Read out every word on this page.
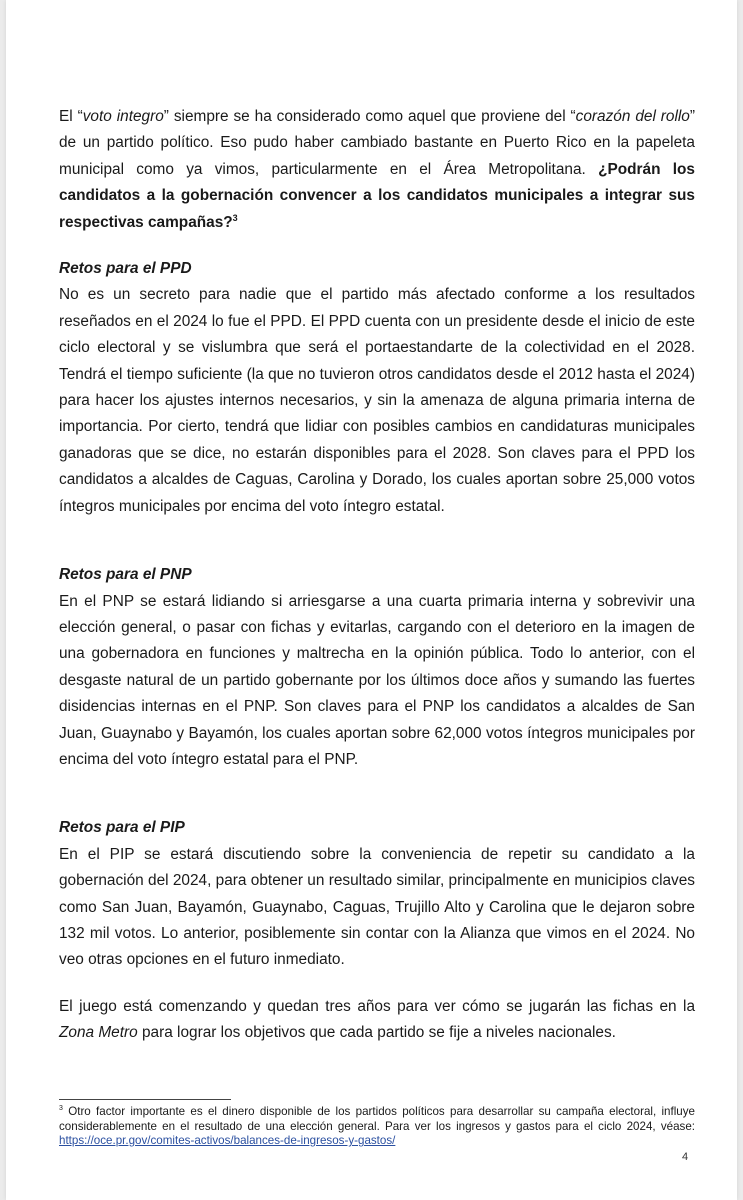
El “voto integro” siempre se ha considerado como aquel que proviene del “corazón del rollo” de un partido político. Eso pudo haber cambiado bastante en Puerto Rico en la papeleta municipal como ya vimos, particularmente en el Área Metropolitana. ¿Podrán los candidatos a la gobernación convencer a los candidatos municipales a integrar sus respectivas campañas?$^3$

Retos para el PPD

No es un secreto para nadie que el partido más afectado conforme a los resultados reseñados en el 2024 lo fue el PPD. El PPD cuenta con un presidente desde el inicio de este ciclo electoral y se vislumbra que será el portaestandarte de la colectividad en el 2028. Tendrá el tiempo suficiente (la que no tuvieron otros candidatos desde el 2012 hasta el 2024) para hacer los ajustes internos necesarios, y sin la amenaza de alguna primaria interna de importancia. Por cierto, tendrá que lidiar con posibles cambios en candidaturas municipales ganadoras que se dice, no estarán disponibles para el 2028. Son claves para el PPD los candidatos a alcaldes de Caguas, Carolina y Dorado, los cuales aportan sobre 25,000 votos íntegros municipales por encima del voto íntegro estatal.

Retos para el PNP

En el PNP se estará lidiando si arriesgarse a una cuarta primaria interna y sobrevivir una elección general, o pasar con fichas y evitarlas, cargando con el deterioro en la imagen de una gobernadora en funciones y maltrecha en la opinión pública. Todo lo anterior, con el desgaste natural de un partido gobernante por los últimos doce años y sumando las fuertes disidencias internas en el PNP. Son claves para el PNP los candidatos a alcaldes de San Juan, Guaynabo y Bayamón, los cuales aportan sobre 62,000 votos íntegros municipales por encima del voto íntegro estatal para el PNP.

Retos para el PIP

En el PIP se estará discutiendo sobre la conveniencia de repetir su candidato a la gobernación del 2024, para obtener un resultado similar, principalmente en municipios claves como San Juan, Bayamón, Guaynabo, Caguas, Trujillo Alto y Carolina que le dejaron sobre 132 mil votos. Lo anterior, posiblemente sin contar con la Alianza que vimos en el 2024. No veo otras opciones en el futuro inmediato.

El juego está comenzando y quedan tres años para ver cómo se jugarán las fichas en la Zona Metro para lograr los objetivos que cada partido se fije a niveles nacionales.

$^3$ Otro factor importante es el dinero disponible de los partidos políticos para desarrollar su campaña electoral, influye considerablemente en el resultado de una elección general. Para ver los ingresos y gastos para el ciclo 2024, véase: https://oce.pr.gov/comites-activos/balances-de-ingresos-y-gastos/
4
